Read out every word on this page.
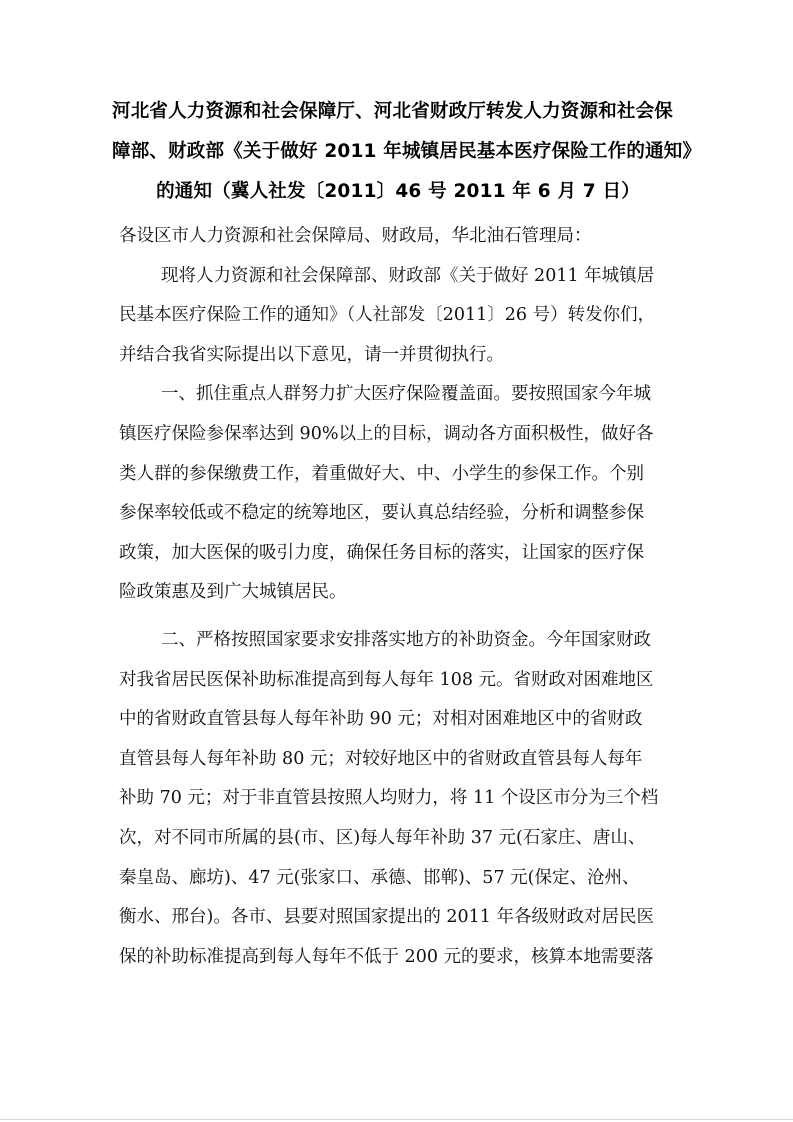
河北省人力资源和社会保障厅、河北省财政厅转发人力资源和社会保
障部、财政部《关于做好 2011 年城镇居民基本医疗保险工作的通知》
的通知（冀人社发〔2011〕46 号 2011 年 6 月 7 日）
各设区市人力资源和社会保障局、财政局，华北油石管理局：
现将人力资源和社会保障部、财政部《关于做好 2011 年城镇居
民基本医疗保险工作的通知》（人社部发〔2011〕26 号）转发你们，
并结合我省实际提出以下意见，请一并贯彻执行。
一、抓住重点人群努力扩大医疗保险覆盖面。要按照国家今年城
镇医疗保险参保率达到 90%以上的目标，调动各方面积极性，做好各
类人群的参保缴费工作，着重做好大、中、小学生的参保工作。个别
参保率较低或不稳定的统筹地区，要认真总结经验，分析和调整参保
政策，加大医保的吸引力度，确保任务目标的落实，让国家的医疗保
险政策惠及到广大城镇居民。
二、严格按照国家要求安排落实地方的补助资金。今年国家财政
对我省居民医保补助标准提高到每人每年 108 元。省财政对困难地区
中的省财政直管县每人每年补助 90 元；对相对困难地区中的省财政
直管县每人每年补助 80 元；对较好地区中的省财政直管县每人每年
补助 70 元；对于非直管县按照人均财力，将 11 个设区市分为三个档
次，对不同市所属的县(市、区)每人每年补助 37 元(石家庄、唐山、
秦皇岛、廊坊)、47 元(张家口、承德、邯郸)、57 元(保定、沧州、
衡水、邢台)。各市、县要对照国家提出的 2011 年各级财政对居民医
保的补助标准提高到每人每年不低于 200 元的要求，核算本地需要落
